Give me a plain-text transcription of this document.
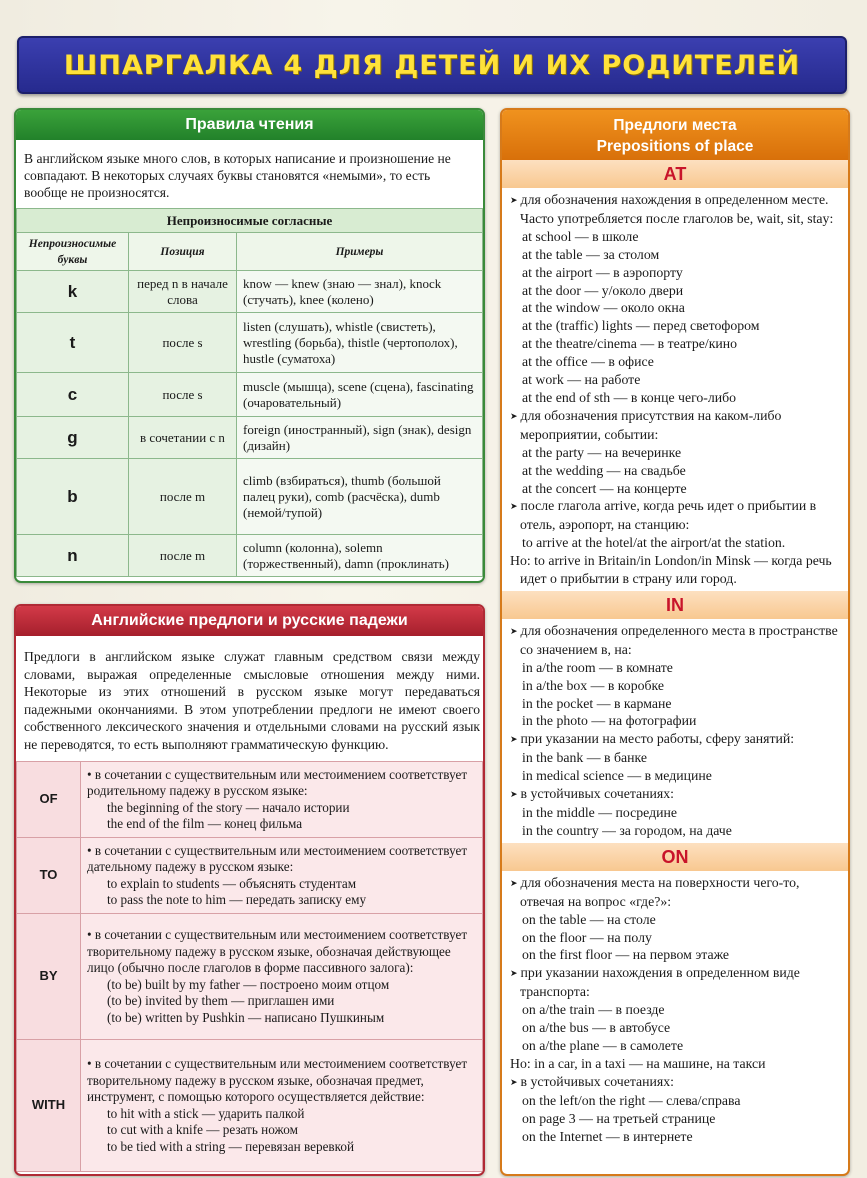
ШПАРГАЛКА 4 ДЛЯ ДЕТЕЙ И ИХ РОДИТЕЛЕЙ
Правила чтения
В английском языке много слов, в которых написание и произношение не совпадают. В некоторых случаях буквы становятся «немыми», то есть вообще не произносятся.
Непроизносимые согласные		
Непроизносимые буквы	Позиция	Примеры
k	перед n в начале слова	know — knew (знаю — знал), knock (стучать), knee (колено)
t	после s	listen (слушать), whistle (свистеть), wrestling (борьба), thistle (чертополох), hustle (суматоха)
c	после s	muscle (мышца), scene (сцена), fascinating (очаровательный)
g	в сочетании с n	foreign (иностранный), sign (знак), design (дизайн)
b	после m	climb (взбираться), thumb (большой палец руки), comb (расчёска), dumb (немой/тупой)
n	после m	column (колонна), solemn (торжественный), damn (проклинать)
Английские предлоги и русские падежи
Предлоги в английском языке служат главным средством связи между словами, выражая определенные смысловые отношения между ними. Некоторые из этих отношений в русском языке могут передаваться падежными окончаниями. В этом употреблении предлоги не имеют своего собственного лексического значения и отдельными словами на русский язык не переводятся, то есть выполняют грамматическую функцию.
OF	• в сочетании с существительным или местоимением соответствует родительному падежу в русском языке:
the beginning of the story — начало истории
the end of the film — конец фильма

TO	• в сочетании с существительным или местоимением соответствует дательному падежу в русском языке:
to explain to students — объяснять студентам
to pass the note to him — передать записку ему

BY	• в сочетании с существительным или местоимением соответствует творительному падежу в русском языке, обозначая действующее лицо (обычно после глаголов в форме пассивного залога):
(to be) built by my father — построено моим отцом
(to be) invited by them — приглашен ими
(to be) written by Pushkin — написано Пушкиным

WITH	• в сочетании с существительным или местоимением соответствует творительному падежу в русском языке, обозначая предмет, инструмент, с помощью которого осуществляется действие:
to hit with a stick — ударить палкой
to cut with a knife — резать ножом
to be tied with a string — перевязан веревкой
Предлоги места
Prepositions of place
AT
➤ для обозначения нахождения в определенном месте. Часто употребляется после глаголов be, wait, sit, stay:
at school — в школе
at the table — за столом
at the airport — в аэропорту
at the door — у/около двери
at the window — около окна
at the (traffic) lights — перед светофором
at the theatre/cinema — в театре/кино
at the office — в офисе
at work — на работе
at the end of sth — в конце чего-либо
➤ для обозначения присутствия на каком-либо мероприятии, событии:
at the party — на вечеринке
at the wedding — на свадьбе
at the concert — на концерте
➤ после глагола arrive, когда речь идет о прибытии в отель, аэропорт, на станцию:
to arrive at the hotel/at the airport/at the station.
Но: to arrive in Britain/in London/in Minsk — когда речь идет о прибытии в страну или город.
IN
➤ для обозначения определенного места в пространстве со значением в, на:
in a/the room — в комнате
in a/the box — в коробке
in the pocket — в кармане
in the photo — на фотографии
➤ при указании на место работы, сферу занятий:
in the bank — в банке
in medical science — в медицине
➤ в устойчивых сочетаниях:
in the middle — посредине
in the country — за городом, на даче
ON
➤ для обозначения места на поверхности чего-то, отвечая на вопрос «где?»:
on the table — на столе
on the floor — на полу
on the first floor — на первом этаже
➤ при указании нахождения в определенном виде транспорта:
on a/the train — в поезде
on a/the bus — в автобусе
on a/the plane — в самолете
Но: in a car, in a taxi — на машине, на такси
➤ в устойчивых сочетаниях:
on the left/on the right — слева/справа
on page 3 — на третьей странице
on the Internet — в интернете
